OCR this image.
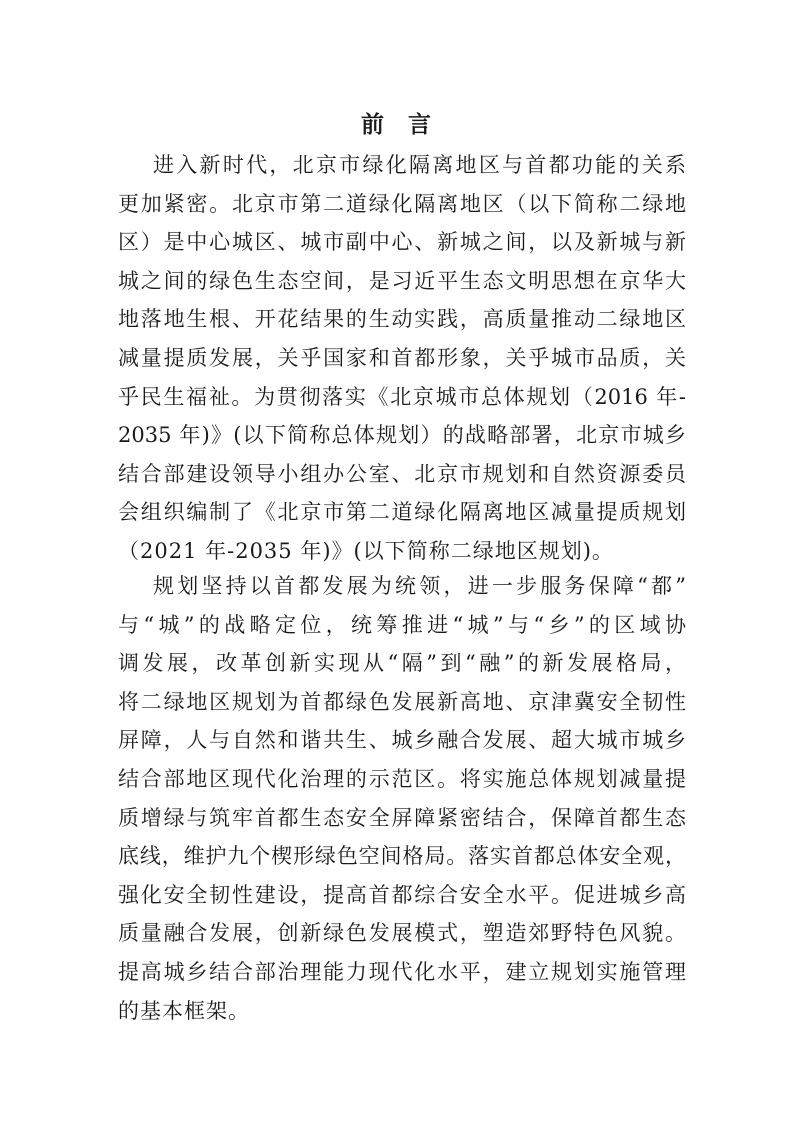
前 言
进入新时代，北京市绿化隔离地区与首都功能的关系
更加紧密。北京市第二道绿化隔离地区（以下简称二绿地
区）是中心城区、城市副中心、新城之间，以及新城与新
城之间的绿色生态空间，是习近平生态文明思想在京华大
地落地生根、开花结果的生动实践，高质量推动二绿地区
减量提质发展，关乎国家和首都形象，关乎城市品质，关
乎民生福祉。为贯彻落实《北京城市总体规划（2016 年-
2035 年)》(以下简称总体规划）的战略部署，北京市城乡
结合部建设领导小组办公室、北京市规划和自然资源委员
会组织编制了《北京市第二道绿化隔离地区减量提质规划
（2021 年-2035 年)》(以下简称二绿地区规划)。
规划坚持以首都发展为统领，进一步服务保障“都”
与“城”的战略定位，统筹推进“城”与“乡”的区域协
调发展，改革创新实现从“隔”到“融”的新发展格局，
将二绿地区规划为首都绿色发展新高地、京津冀安全韧性
屏障，人与自然和谐共生、城乡融合发展、超大城市城乡
结合部地区现代化治理的示范区。将实施总体规划减量提
质增绿与筑牢首都生态安全屏障紧密结合，保障首都生态
底线，维护九个楔形绿色空间格局。落实首都总体安全观，
强化安全韧性建设，提高首都综合安全水平。促进城乡高
质量融合发展，创新绿色发展模式，塑造郊野特色风貌。
提高城乡结合部治理能力现代化水平，建立规划实施管理
的基本框架。
